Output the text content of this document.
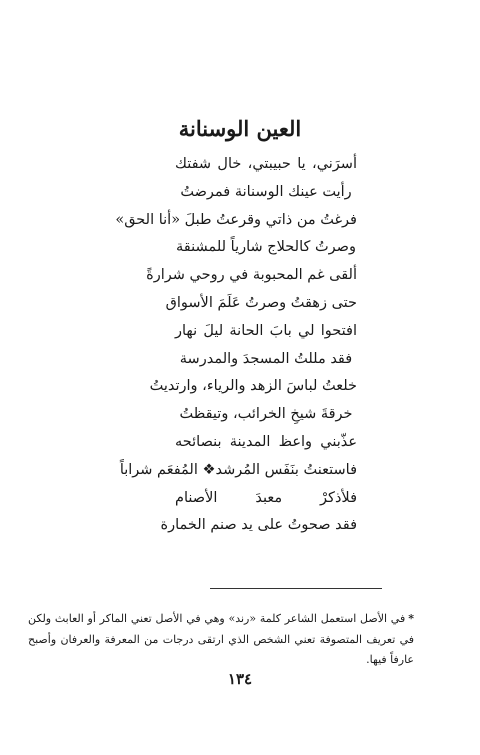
العين الوسنانة
أسرَني، يا حبيبتي، خال شفتك
رأيت عينك الوسنانة فمرضتُ
فرغتُ من ذاتي وقرعتُ طبلَ «أنا الحق»
وصرتُ كالحلاج شارياً للمشنقة
ألقى غم المحبوبة في روحي شرارةً
حتى زهقتُ وصرتُ عَلَمَ الأسواق
افتحوا لي بابَ الحانة ليلَ نهار
فقد مللتُ المسجدَ والمدرسة
خلعتُ لباسَ الزهد والرياء، وارتديتُ
خرقةَ شيخِ الخرائب، وتيقظتُ
عذّبني واعظ المدينة بنصائحه
فاستعنتُ بنَفَس المُرشد❖ المُفعَم شراباً
فلأذكرْ معبدَ الأصنام
فقد صحوتُ على يد صنم الخمارة

*في الأصل استعمل الشاعر كلمة «رند» وهي في الأصل تعني الماكر أو العابث ولكن في تعريف المتصوفة تعني الشخص الذي ارتقى درجات من المعرفة والعرفان وأصبح عارفاً فيها.

١٣٤
